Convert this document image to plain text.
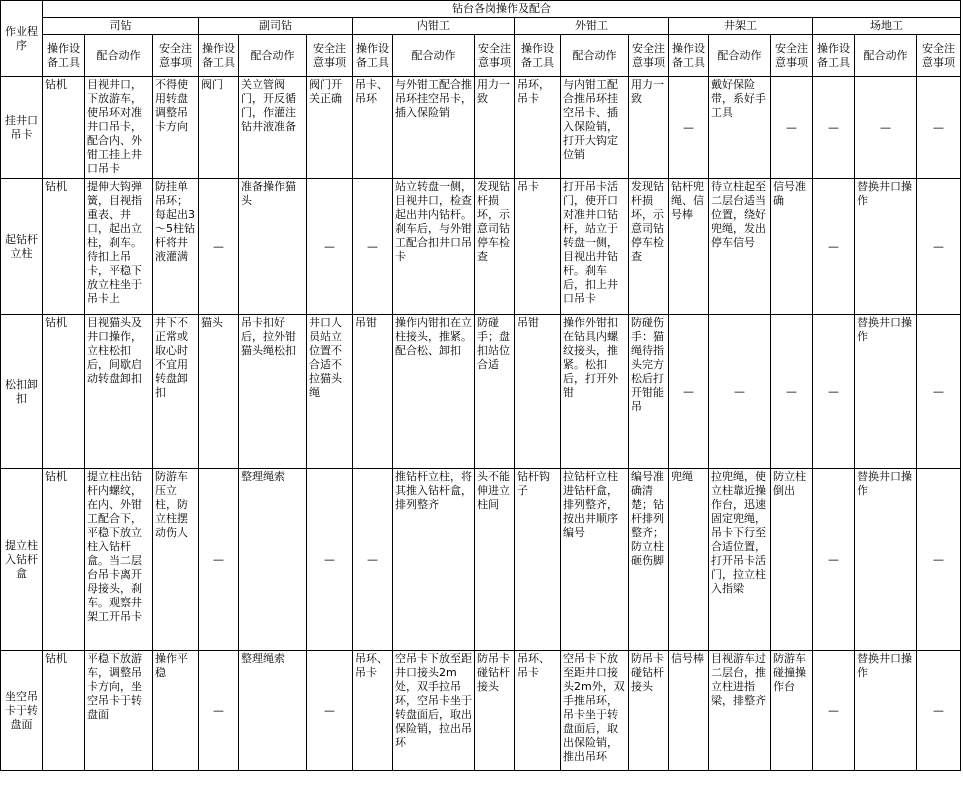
作业程序	钻台各岗操作及配合																	
	司钻			副司钻			内钳工			外钳工			井架工			场地工		
	操作设备工具	配合动作	安全注意事项	操作设备工具	配合动作	安全注意事项	操作设备工具	配合动作	安全注意事项	操作设备工具	配合动作	安全注意事项	操作设备工具	配合动作	安全注意事项	操作设备工具	配合动作	安全注意事项
挂井口吊卡	钻机	目视井口，下放游车，使吊环对准井口吊卡，配合内、外钳工挂上井口吊卡	不得使用转盘调整吊卡方向	阀门	关立管阀门，开反循门，作灌注钻井液准备	阀门开关正确	吊卡、吊环	与外钳工配合推吊环挂空吊卡，插入保险销	用力一致	吊环，吊卡	与内钳工配合推吊环挂空吊卡、插入保险销，打开大钩定位销	用力一致	—	戴好保险带，系好手工具	—	—	—	—
起钻杆立柱	钻机	提伸大钩弹簧，目视指重表、井口，起出立柱，刹车。待扣上吊卡，平稳下放立柱坐于吊卡上	防挂单吊环；每起出3～5柱钻杆将井液灌满	—	准备操作猫头	—	—	站立转盘一侧，目视井口，检查起出井内钻杆。刹车后，与外钳工配合扣井口吊卡	发现钻杆损坏，示意司钻停车检查	吊卡	打开吊卡活门，使开口对准井口钻杆，站立于转盘一侧，目视出井钻杆。刹车后，扣上井口吊卡	发现钻杆损坏，示意司钻停车检查	钻杆兜绳、信号棒	待立柱起至二层台适当位置，绕好兜绳，发出停车信号	信号准确	—	替换井口操作	—
松扣卸扣	钻机	目视猫头及井口操作，立柱松扣后，间歇启动转盘卸扣	井下不正常或取心时不宜用转盘卸扣	猫头	吊卡扣好后，拉外钳猫头绳松扣	井口人员站立位置不合适不拉猫头绳	吊钳	操作内钳扣在立柱接头，推紧。配合松、卸扣	防碰手；盘扣站位合适	吊钳	操作外钳扣在钻具内螺纹接头，推紧。松扣后，打开外钳	防碰伤手：猫绳待指头完方松后打开钳能吊	—	—	—	—	替换井口操作	—
提立柱入钻杆盒	钻机	提立柱出钻杆内螺纹，在内、外钳工配合下，平稳下放立柱入钻杆盒。当二层台吊卡离开母接头，刹车。观察井架工开吊卡	防游车压立柱，防立柱摆动伤人	—	整理绳索	—	—	推钻杆立柱，将其推入钻杆盒，排列整齐	头不能伸进立柱间	钻杆钩子	拉钻杆立柱进钻杆盒，排列整齐，按出井顺序编号	编号准确清楚；钻杆排列整齐；防立柱砸伤脚	兜绳	拉兜绳，使立柱靠近操作台，迅速固定兜绳，吊卡下行至合适位置，打开吊卡活门，拉立柱入指梁	防立柱倒出	—	替换井口操作	—
坐空吊卡于转盘面	钻机	平稳下放游车，调整吊卡方向，坐空吊卡于转盘面	操作平稳	—	整理绳索	—	吊环、吊卡	空吊卡下放至距井口接头2m处，双手拉吊环，空吊卡坐于转盘面后，取出保险销，拉出吊环	防吊卡碰钻杆接头	吊环、吊卡	空吊卡下放至距井口接头2m外，双手推吊环，吊卡坐于转盘面后，取出保险销，推出吊环	防吊卡碰钻杆接头	信号棒	目视游车过二层台，推立柱进指梁，排整齐	防游车碰撞操作台	—	替换井口操作	—
